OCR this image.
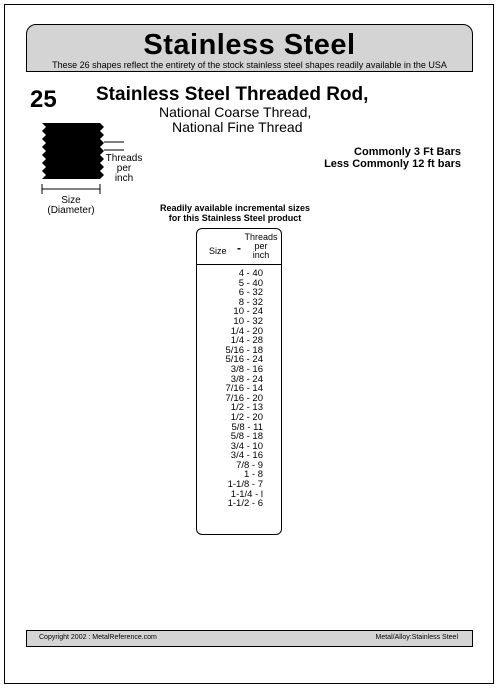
Stainless Steel
These 26 shapes reflect the entirety of the stock stainless steel shapes readily available in the USA
25 Stainless Steel Threaded Rod,
National Coarse Thread,
National Fine Thread
Commonly 3 Ft Bars
Less Commonly 12 ft bars
Threads
per
inch
Size
(Diameter)	Readily available incremental sizes
for this Stainless Steel product
Size -
Threads
per
inch
4 - 40
5 - 40
6 - 32
8 - 32
10 - 24
10 - 32
1/4 - 20
1/4 - 28
5/16 - 18
5/16 - 24
3/8 - 16
3/8 - 24
7/16 - 14
7/16 - 20
1/2 - 13
1/2 - 20
5/8 - 11
5/8 - 18
3/4 - 10
3/4 - 16
7/8 - 9
1 - 8
1-1/8 - 7
1-1/4 - l
1-1/2 - 6
Copyright 2002 : MetalReference.com	Metal/Alloy:Stainless Steel
